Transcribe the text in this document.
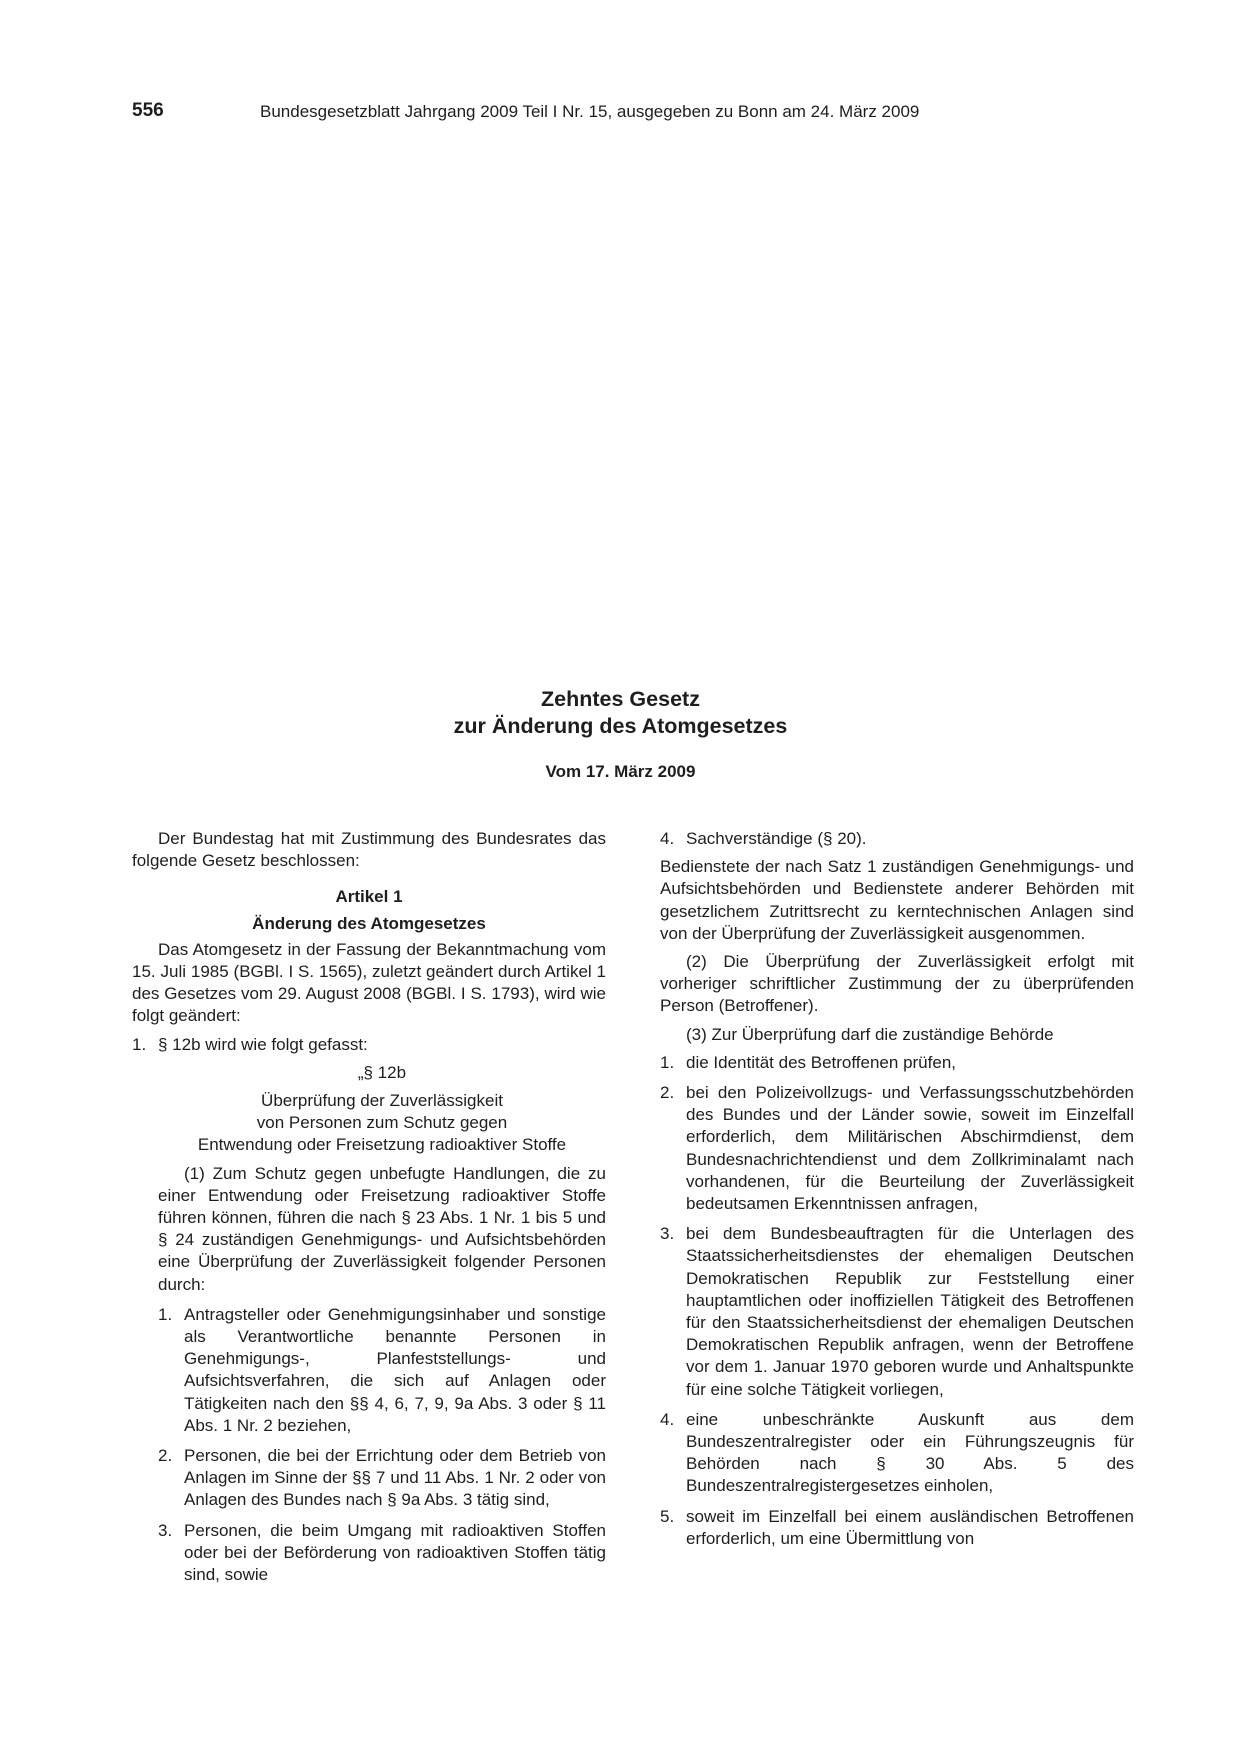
556	Bundesgesetzblatt Jahrgang 2009 Teil I Nr. 15, ausgegeben zu Bonn am 24. März 2009
Zehntes Gesetz
zur Änderung des Atomgesetzes
Vom 17. März 2009

Der Bundestag hat mit Zustimmung des Bundesrates das folgende Gesetz beschlossen:

Artikel 1
Änderung des Atomgesetzes

Das Atomgesetz in der Fassung der Bekanntmachung vom 15. Juli 1985 (BGBl. I S. 1565), zuletzt geändert durch Artikel 1 des Gesetzes vom 29. August 2008 (BGBl. I S. 1793), wird wie folgt geändert:

1. § 12b wird wie folgt gefasst:
„§ 12b
Überprüfung der Zuverlässigkeit
von Personen zum Schutz gegen
Entwendung oder Freisetzung radioaktiver Stoffe

(1) Zum Schutz gegen unbefugte Handlungen, die zu einer Entwendung oder Freisetzung radioaktiver Stoffe führen können, führen die nach § 23 Abs. 1 Nr. 1 bis 5 und § 24 zuständigen Genehmigungs- und Aufsichtsbehörden eine Überprüfung der Zuverlässigkeit folgender Personen durch:

1. Antragsteller oder Genehmigungsinhaber und sonstige als Verantwortliche benannte Personen in Genehmigungs-, Planfeststellungs- und Aufsichtsverfahren, die sich auf Anlagen oder Tätigkeiten nach den §§ 4, 6, 7, 9, 9a Abs. 3 oder § 11 Abs. 1 Nr. 2 beziehen,
2. Personen, die bei der Errichtung oder dem Betrieb von Anlagen im Sinne der §§ 7 und 11 Abs. 1 Nr. 2 oder von Anlagen des Bundes nach § 9a Abs. 3 tätig sind,
3. Personen, die beim Umgang mit radioaktiven Stoffen oder bei der Beförderung von radioaktiven Stoffen tätig sind, sowie
4. Sachverständige (§ 20).

Bedienstete der nach Satz 1 zuständigen Genehmigungs- und Aufsichtsbehörden und Bedienstete anderer Behörden mit gesetzlichem Zutrittsrecht zu kerntechnischen Anlagen sind von der Überprüfung der Zuverlässigkeit ausgenommen.

(2) Die Überprüfung der Zuverlässigkeit erfolgt mit vorheriger schriftlicher Zustimmung der zu überprüfenden Person (Betroffener).

(3) Zur Überprüfung darf die zuständige Behörde

1. die Identität des Betroffenen prüfen,
2. bei den Polizeivollzugs- und Verfassungsschutzbehörden des Bundes und der Länder sowie, soweit im Einzelfall erforderlich, dem Militärischen Abschirmdienst, dem Bundesnachrichtendienst und dem Zollkriminalamt nach vorhandenen, für die Beurteilung der Zuverlässigkeit bedeutsamen Erkenntnissen anfragen,
3. bei dem Bundesbeauftragten für die Unterlagen des Staatssicherheitsdienstes der ehemaligen Deutschen Demokratischen Republik zur Feststellung einer hauptamtlichen oder inoffiziellen Tätigkeit des Betroffenen für den Staatssicherheitsdienst der ehemaligen Deutschen Demokratischen Republik anfragen, wenn der Betroffene vor dem 1. Januar 1970 geboren wurde und Anhaltspunkte für eine solche Tätigkeit vorliegen,
4. eine unbeschränkte Auskunft aus dem Bundeszentralregister oder ein Führungszeugnis für Behörden nach § 30 Abs. 5 des Bundeszentralregistergesetzes einholen,
5. soweit im Einzelfall bei einem ausländischen Betroffenen erforderlich, um eine Übermittlung von
